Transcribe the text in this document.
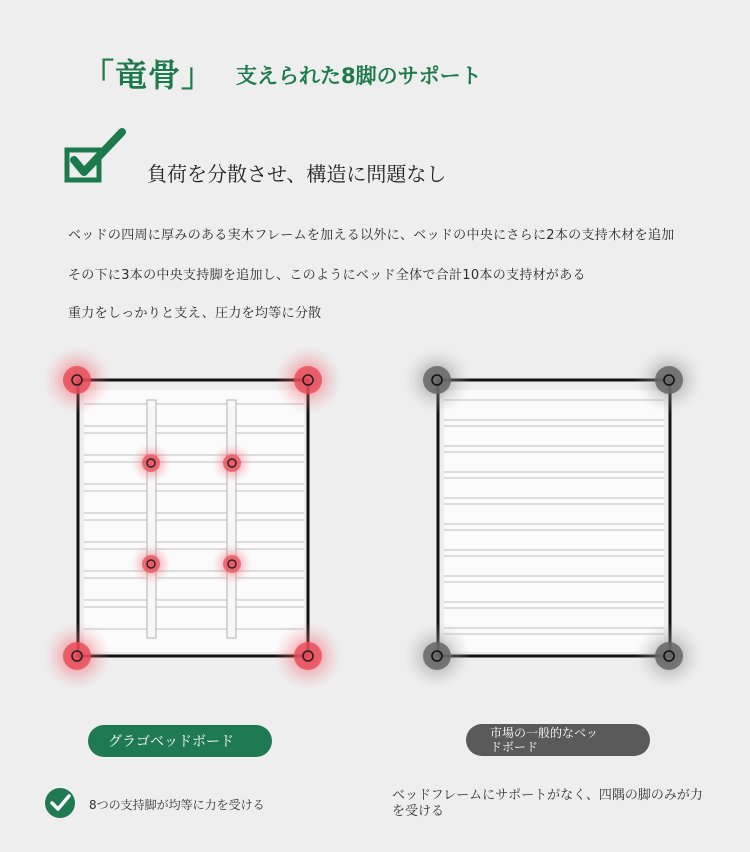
「竜骨」 支えられた8脚のサポート
負荷を分散させ、構造に問題なし
ベッドの四周に厚みのある実木フレームを加える以外に、ベッドの中央にさらに2本の支持木材を追加
その下に3本の中央支持脚を追加し、このようにベッド全体で合計10本の支持材がある
重力をしっかりと支え、圧力を均等に分散
グラゴベッドボード
市場の一般的なベッ
ドボード
8つの支持脚が均等に力を受ける
ベッドフレームにサポートがなく、四隅の脚のみが力を受ける
